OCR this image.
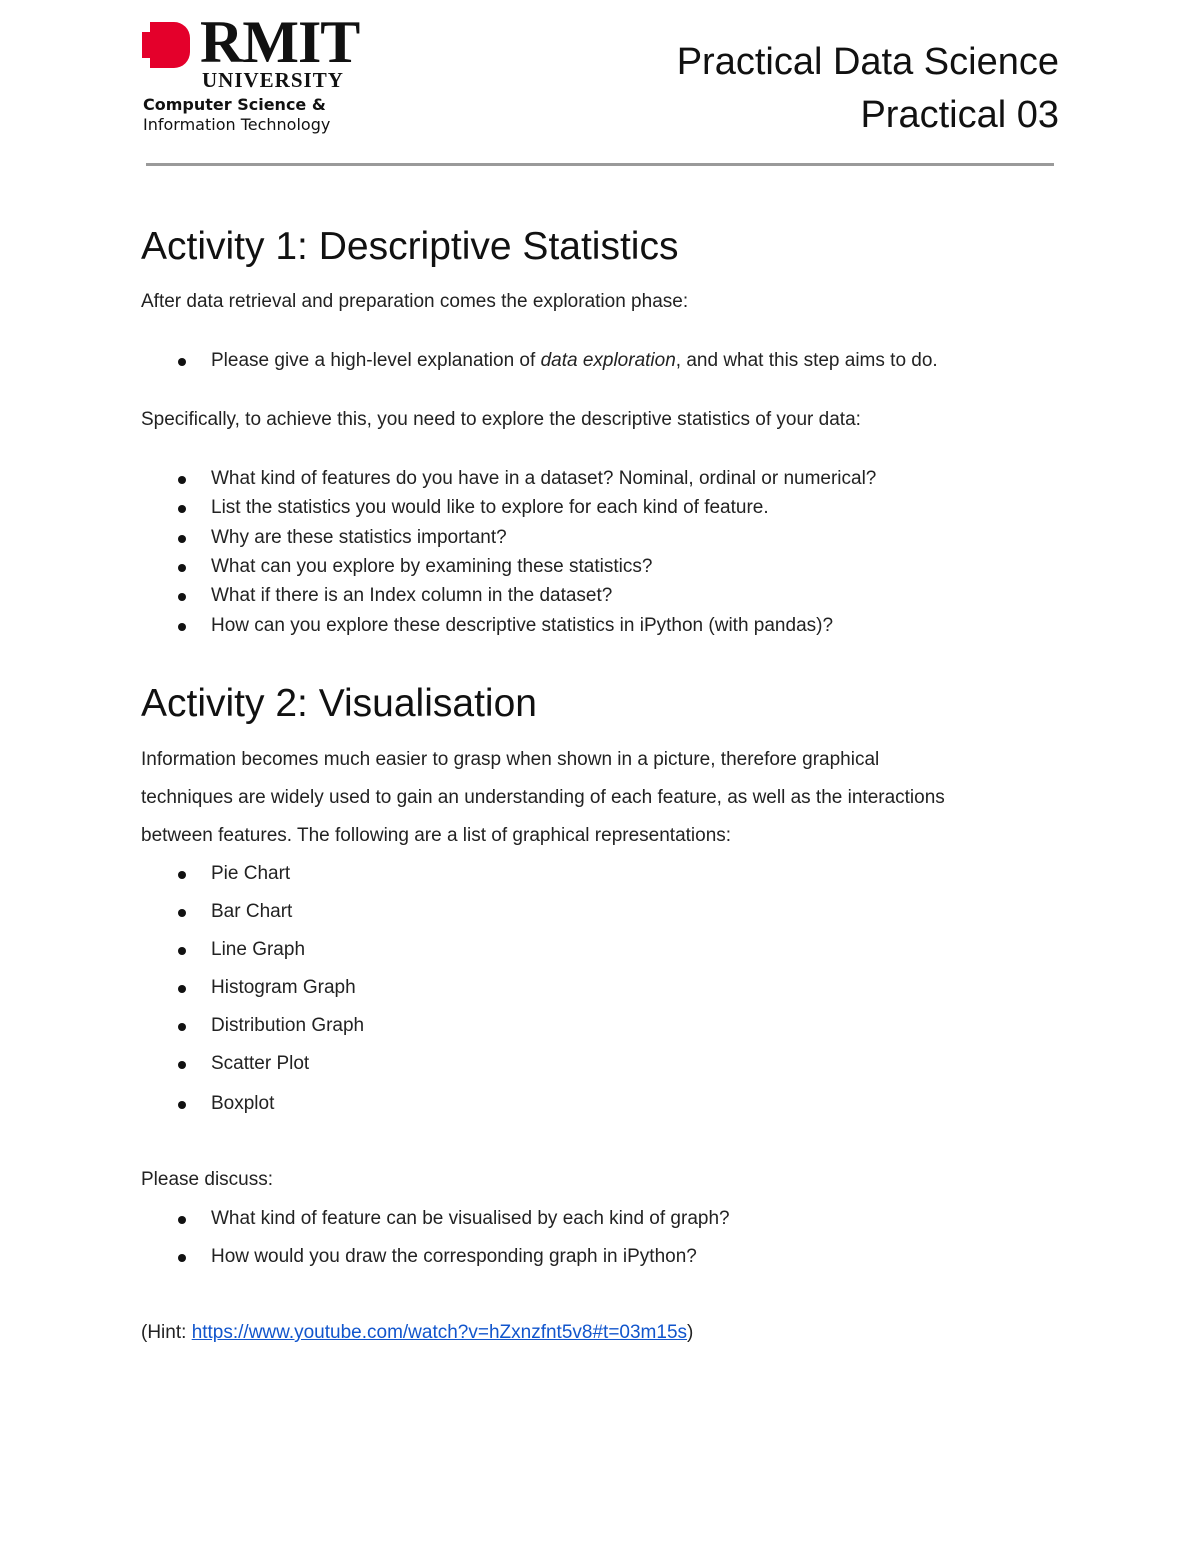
RMIT
UNIVERSITY
Computer Science &
Information Technology
Practical Data Science
Practical 03
Activity 1: Descriptive Statistics

After data retrieval and preparation comes the exploration phase:

Please give a high-level explanation of data exploration, and what this step aims to do.

Specifically, to achieve this, you need to explore the descriptive statistics of your data:

What kind of features do you have in a dataset? Nominal, ordinal or numerical?
List the statistics you would like to explore for each kind of feature.
Why are these statistics important?
What can you explore by examining these statistics?
What if there is an Index column in the dataset?
How can you explore these descriptive statistics in iPython (with pandas)?
Activity 2: Visualisation

Information becomes much easier to grasp when shown in a picture, therefore graphical

techniques are widely used to gain an understanding of each feature, as well as the interactions

between features. The following are a list of graphical representations:

Pie Chart
Bar Chart
Line Graph
Histogram Graph
Distribution Graph
Scatter Plot
Boxplot

Please discuss:

What kind of feature can be visualised by each kind of graph?
How would you draw the corresponding graph in iPython?

(Hint: https://www.youtube.com/watch?v=hZxnzfnt5v8#t=03m15s)
